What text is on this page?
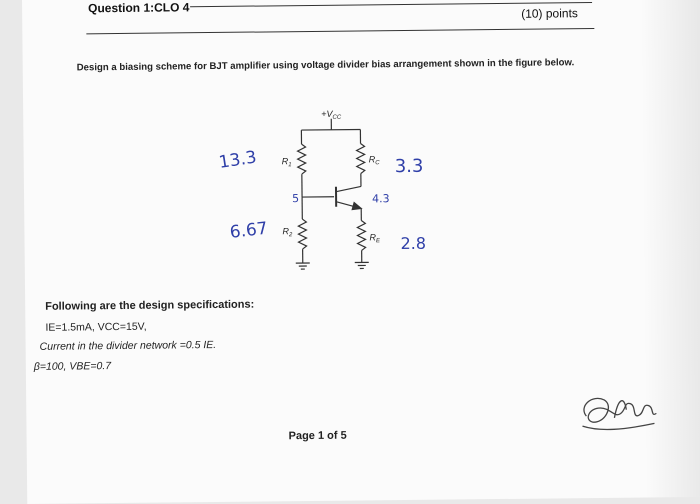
Question 1:CLO 4	(10) points
Design a biasing scheme for BJT amplifier using voltage divider bias arrangement shown in the figure below.
$+V_{CC}$
$R_1$
$R_2$
$R_C$
$R_E$
13.3
6.67
5
3.3
4.3
2.8
Following are the design specifications:
IE=1.5mA, VCC=15V,
Current in the divider network =0.5 IE.
β=100, VBE=0.7
Page 1 of 5
